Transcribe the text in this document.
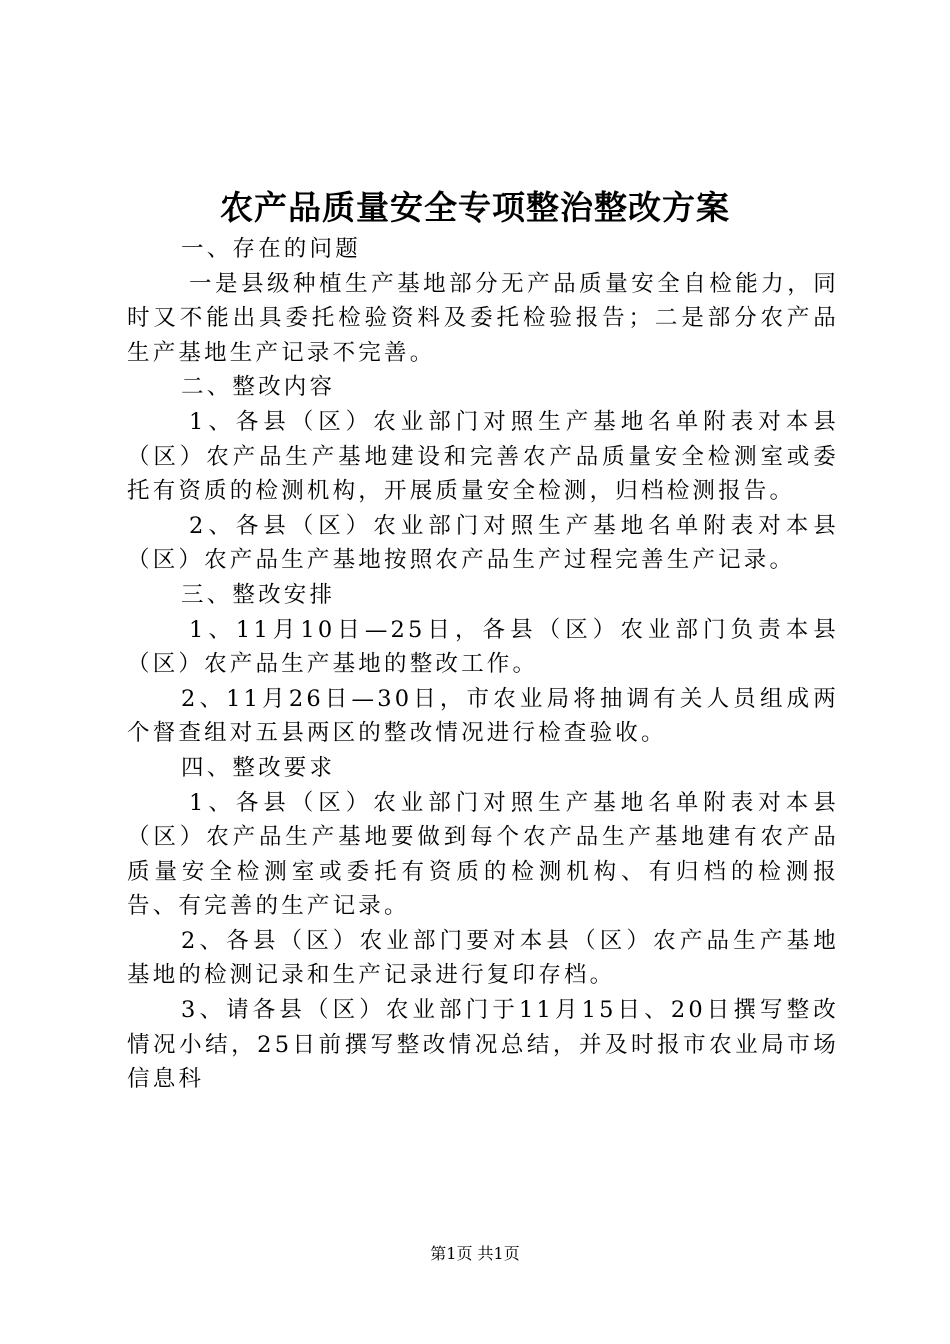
农产品质量安全专项整治整改方案

一、存在的问题

一是县级种植生产基地部分无产品质量安全自检能力，同时又不能出具委托检验资料及委托检验报告；二是部分农产品生产基地生产记录不完善。

二、整改内容

1、各县（区）农业部门对照生产基地名单附表对本县（区）农产品生产基地建设和完善农产品质量安全检测室或委托有资质的检测机构，开展质量安全检测，归档检测报告。

2、各县（区）农业部门对照生产基地名单附表对本县（区）农产品生产基地按照农产品生产过程完善生产记录。

三、整改安排

1、11月10日—25日，各县（区）农业部门负责本县（区）农产品生产基地的整改工作。

2、11月26日—30日，市农业局将抽调有关人员组成两个督查组对五县两区的整改情况进行检查验收。

四、整改要求

1、各县（区）农业部门对照生产基地名单附表对本县（区）农产品生产基地要做到每个农产品生产基地建有农产品质量安全检测室或委托有资质的检测机构、有归档的检测报告、有完善的生产记录。

2、各县（区）农业部门要对本县（区）农产品生产基地基地的检测记录和生产记录进行复印存档。

3、请各县（区）农业部门于11月15日、20日撰写整改情况小结，25日前撰写整改情况总结，并及时报市农业局市场信息科

第1页 共1页
